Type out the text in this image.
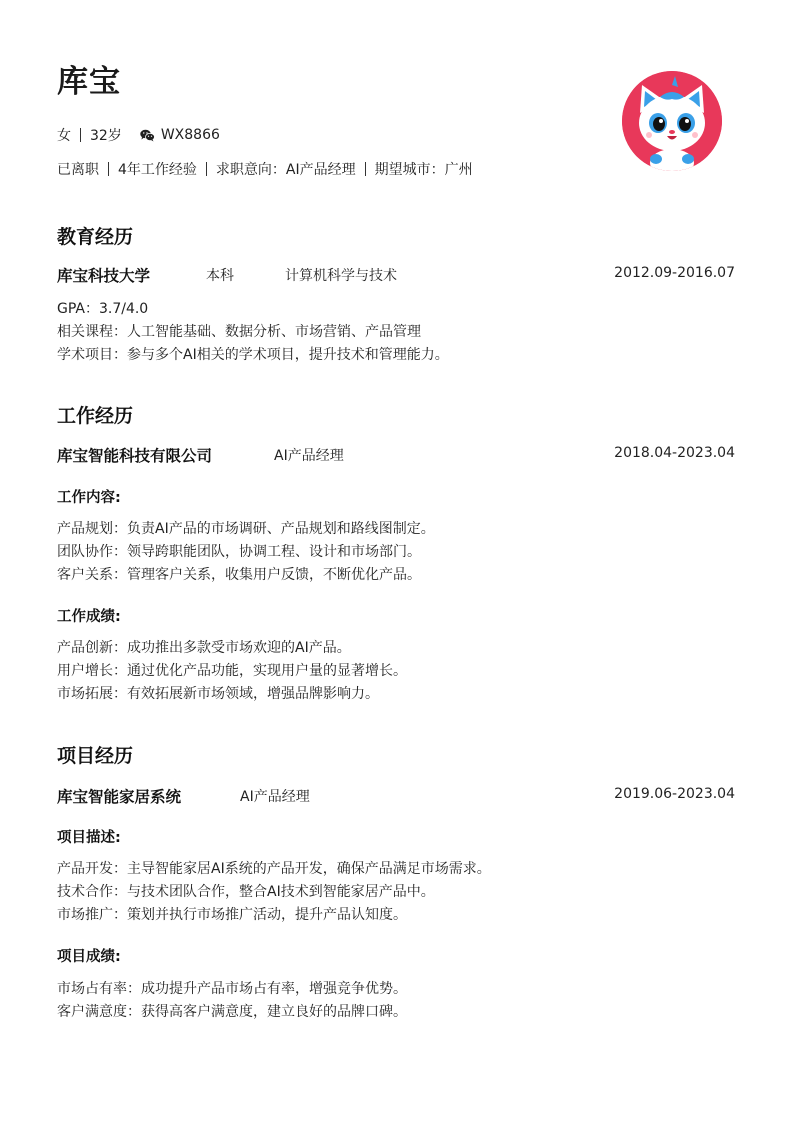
库宝
女 32岁	WX8866
已离职 4年工作经验 求职意向：AI产品经理 期望城市：广州
教育经历
库宝科技大学	本科	计算机科学与技术	2012.09-2016.07
GPA：3.7/4.0
相关课程：人工智能基础、数据分析、市场营销、产品管理
学术项目：参与多个AI相关的学术项目，提升技术和管理能力。
工作经历
库宝智能科技有限公司	AI产品经理	2018.04-2023.04
工作内容:
产品规划：负责AI产品的市场调研、产品规划和路线图制定。
团队协作：领导跨职能团队，协调工程、设计和市场部门。
客户关系：管理客户关系，收集用户反馈，不断优化产品。
工作成绩:
产品创新：成功推出多款受市场欢迎的AI产品。
用户增长：通过优化产品功能，实现用户量的显著增长。
市场拓展：有效拓展新市场领域，增强品牌影响力。
项目经历
库宝智能家居系统	AI产品经理	2019.06-2023.04
项目描述:
产品开发：主导智能家居AI系统的产品开发，确保产品满足市场需求。
技术合作：与技术团队合作，整合AI技术到智能家居产品中。
市场推广：策划并执行市场推广活动，提升产品认知度。
项目成绩:
市场占有率：成功提升产品市场占有率，增强竞争优势。
客户满意度：获得高客户满意度，建立良好的品牌口碑。
